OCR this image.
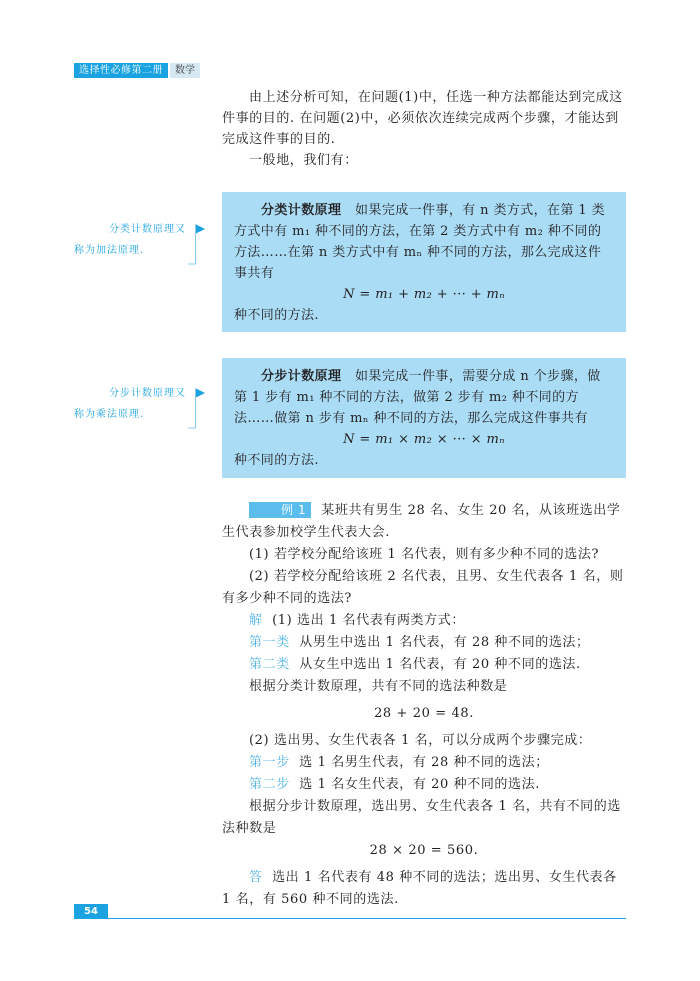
选择性必修第二册	数学

由上述分析可知，在问题(1)中，任选一种方法都能达到完成这件事的目的. 在问题(2)中，必须依次连续完成两个步骤，才能达到完成这件事的目的.

一般地，我们有：

分类计数原理又
称为加法原理.
分类计数原理 如果完成一件事，有 n 类方式，在第 1 类方式中有 m₁ 种不同的方法，在第 2 类方式中有 m₂ 种不同的方法……在第 n 类方式中有 mₙ 种不同的方法，那么完成这件事共有
N = m₁ + m₂ + ··· + mₙ
种不同的方法.
分步计数原理又
称为乘法原理.
分步计数原理 如果完成一件事，需要分成 n 个步骤，做第 1 步有 m₁ 种不同的方法，做第 2 步有 m₂ 种不同的方法……做第 n 步有 mₙ 种不同的方法，那么完成这件事共有
N = m₁ × m₂ × ··· × mₙ
种不同的方法.

例 1 某班共有男生 28 名、女生 20 名，从该班选出学生代表参加校学生代表大会.

(1) 若学校分配给该班 1 名代表，则有多少种不同的选法?

(2) 若学校分配给该班 2 名代表，且男、女生代表各 1 名，则有多少种不同的选法?

解 (1) 选出 1 名代表有两类方式：

第一类 从男生中选出 1 名代表，有 28 种不同的选法；

第二类 从女生中选出 1 名代表，有 20 种不同的选法.

根据分类计数原理，共有不同的选法种数是

28 + 20 = 48.

(2) 选出男、女生代表各 1 名，可以分成两个步骤完成：

第一步 选 1 名男生代表，有 28 种不同的选法；

第二步 选 1 名女生代表，有 20 种不同的选法.

根据分步计数原理，选出男、女生代表各 1 名，共有不同的选法种数是

28 × 20 = 560.

答 选出 1 名代表有 48 种不同的选法；选出男、女生代表各 1 名，有 560 种不同的选法.

54
